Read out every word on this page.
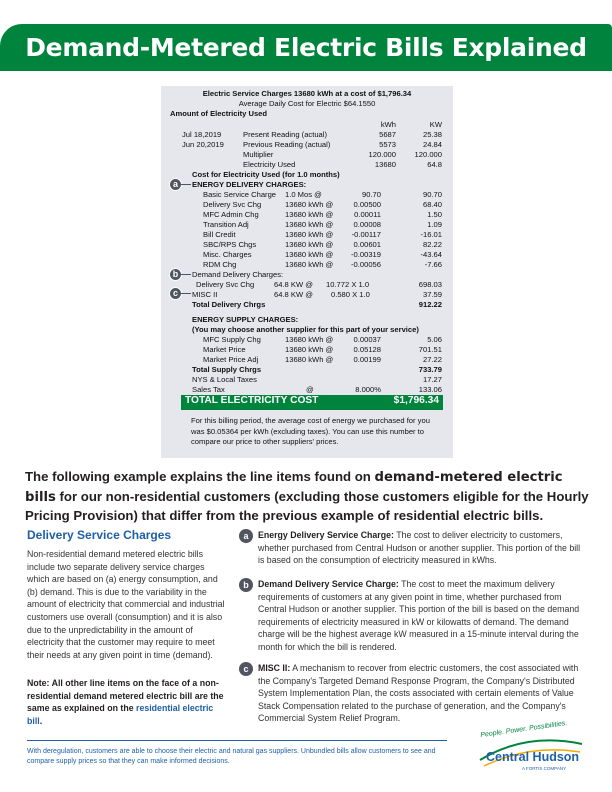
Demand-Metered Electric Bills Explained
Electric Service Charges 13680 kWh at a cost of $1,796.34
Average Daily Cost for Electric $64.1550
Amount of Electricity Used
kWh	KW
Jul 18,2019	Present Reading (actual)	5687	25.38
Jun 20,2019	Previous Reading (actual)	5573	24.84
Multiplier	120.000	120.000
Electricity Used	13680	64.8
Cost for Electricity Used (for 1.0 months)
a	ENERGY DELIVERY CHARGES:
Basic Service Charge 1.0 Mos @	90.70	90.70
Delivery Svc Chg	13680 kWh @	0.00500	68.40
MFC Admin Chg	13680 kWh @	0.00011	1.50
Transition Adj	13680 kWh @	0.00008	1.09
Bill Credit	13680 kWh @	-0.00117	-16.01
SBC/RPS Chgs	13680 kWh @	0.00601	82.22
Misc. Charges	13680 kWh @	-0.00319	-43.64
RDM Chg	13680 kWh @	-0.00056	-7.66
b	Demand Delivery Charges:
Delivery Svc Chg	64.8 KW @ 10.772 X 1.0	698.03
c	MISC II	64.8 KW @ 0.580 X 1.0	37.59
Total Delivery Chrgs	912.22
ENERGY SUPPLY CHARGES:
(You may choose another supplier for this part of your service)
MFC Supply Chg	13680 kWh @	0.00037	5.06
Market Price	13680 kWh @	0.05128	701.51
Market Price Adj	13680 kWh @	0.00199	27.22
Total Supply Chrgs	733.79
NYS & Local Taxes	17.27
Sales Tax	@	8.000%	133.06
TOTAL ELECTRICITY COST	$1,796.34
For this billing period, the average cost of energy we purchased for you was $0.05364 per kWh (excluding taxes). You can use this number to compare our price to other suppliers' prices.
The following example explains the line items found on demand-metered electric bills for our non-residential customers (excluding those customers eligible for the Hourly Pricing Provision) that differ from the previous example of residential electric bills.
Delivery Service Charges
Non-residential demand metered electric bills include two separate delivery service charges which are based on (a) energy consumption, and (b) demand. This is due to the variability in the amount of electricity that commercial and industrial customers use overall (consumption) and it is also due to the unpredictability in the amount of electricity that the customer may require to meet their needs at any given point in time (demand).
Note: All other line items on the face of a non-residential demand metered electric bill are the same as explained on the residential electric bill.
a	Energy Delivery Service Charge: The cost to deliver electricity to customers, whether purchased from Central Hudson or another supplier. This portion of the bill is based on the consumption of electricity measured in kWhs.
b	Demand Delivery Service Charge: The cost to meet the maximum delivery requirements of customers at any given point in time, whether purchased from Central Hudson or another supplier. This portion of the bill is based on the demand requirements of electricity measured in kW or kilowatts of demand. The demand charge will be the highest average kW measured in a 15-minute interval during the month for which the bill is rendered.
c	MISC II: A mechanism to recover from electric customers, the cost associated with the Company's Targeted Demand Response Program, the Company's Distributed System Implementation Plan, the costs associated with certain elements of Value Stack Compensation related to the purchase of generation, and the Company's Commercial System Relief Program.
With deregulation, customers are able to choose their electric and natural gas suppliers. Unbundled bills allow customers to see and compare supply prices so that they can make informed decisions.
People. Power. Possibilities.
Central Hudson
A FORTIS COMPANY
